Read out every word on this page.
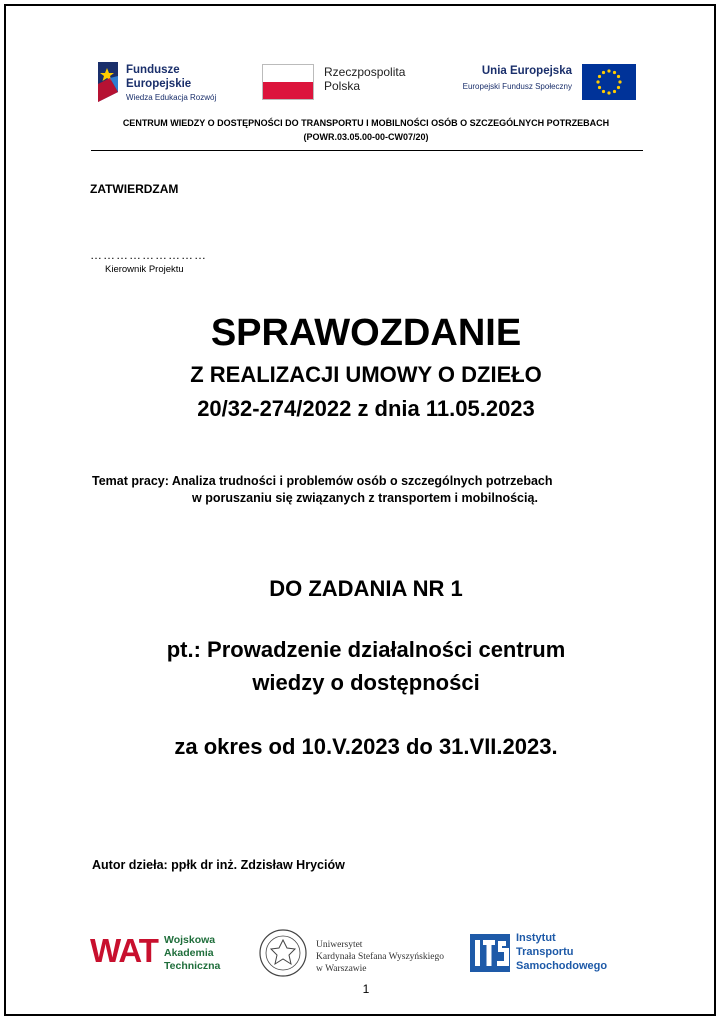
Fundusze
Europejskie
Wiedza Edukacja Rozwój
Rzeczpospolita
Polska
Unia Europejska
Europejski Fundusz Społeczny
CENTRUM WIEDZY O DOSTĘPNOŚCI DO TRANSPORTU I MOBILNOŚCI OSÓB O SZCZEGÓLNYCH POTRZEBACH
(POWR.03.05.00-00-CW07/20)
ZATWIERDZAM
………………………
Kierownik Projektu
SPRAWOZDANIE
Z REALIZACJI UMOWY O DZIEŁO
20/32-274/2022 z dnia 11.05.2023
Temat pracy: Analiza trudności i problemów osób o szczególnych potrzebach
w poruszaniu się związanych z transportem i mobilnością.
DO ZADANIA NR 1
pt.: Prowadzenie działalności centrum
wiedzy o dostępności
za okres od 10.V.2023 do 31.VII.2023.
Autor dzieła: ppłk dr inż. Zdzisław Hryciów
WAT Wojskowa
Akademia
Techniczna
Uniwersytet
Kardynała Stefana Wyszyńskiego
w Warszawie
Instytut
Transportu
Samochodowego
1
